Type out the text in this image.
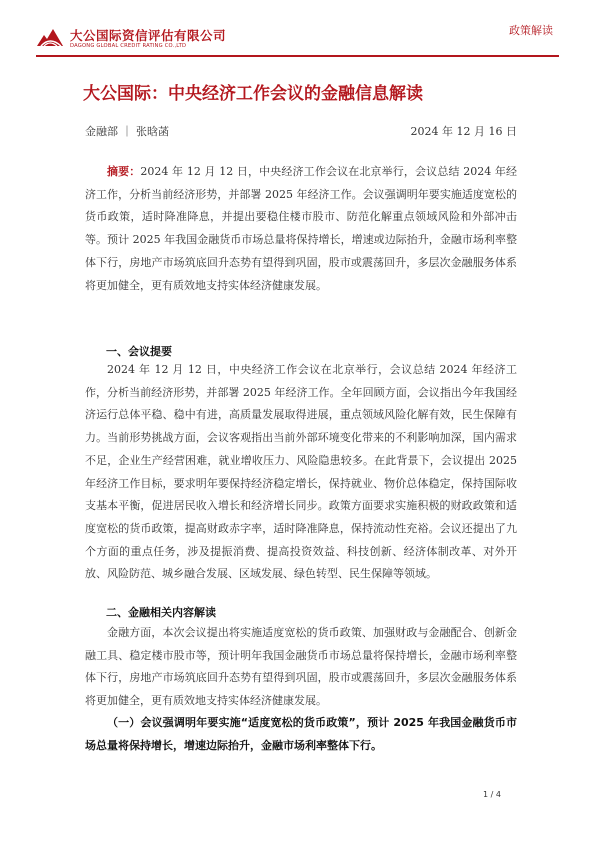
大公国际资信评估有限公司
DAGONG GLOBAL CREDIT RATING CO.,LTD
政策解读
大公国际：中央经济工作会议的金融信息解读
金融部 ｜ 张晗菡	2024 年 12 月 16 日

摘要：2024 年 12 月 12 日，中央经济工作会议在北京举行，会议总结 2024 年经济工作，分析当前经济形势，并部署 2025 年经济工作。会议强调明年要实施适度宽松的货币政策，适时降准降息，并提出要稳住楼市股市、防范化解重点领域风险和外部冲击等。预计 2025 年我国金融货币市场总量将保持增长，增速或边际抬升，金融市场利率整体下行，房地产市场筑底回升态势有望得到巩固，股市或震荡回升，多层次金融服务体系将更加健全，更有质效地支持实体经济健康发展。

一、会议提要

2024 年 12 月 12 日，中央经济工作会议在北京举行，会议总结 2024 年经济工作，分析当前经济形势，并部署 2025 年经济工作。全年回顾方面，会议指出今年我国经济运行总体平稳、稳中有进，高质量发展取得进展，重点领域风险化解有效，民生保障有力。当前形势挑战方面，会议客观指出当前外部环境变化带来的不利影响加深，国内需求不足，企业生产经营困难，就业增收压力、风险隐患较多。在此背景下，会议提出 2025 年经济工作目标，要求明年要保持经济稳定增长，保持就业、物价总体稳定，保持国际收支基本平衡，促进居民收入增长和经济增长同步。政策方面要求实施积极的财政政策和适度宽松的货币政策，提高财政赤字率，适时降准降息，保持流动性充裕。会议还提出了九个方面的重点任务，涉及提振消费、提高投资效益、科技创新、经济体制改革、对外开放、风险防范、城乡融合发展、区域发展、绿色转型、民生保障等领域。

二、金融相关内容解读

金融方面，本次会议提出将实施适度宽松的货币政策、加强财政与金融配合、创新金融工具、稳定楼市股市等，预计明年我国金融货币市场总量将保持增长，金融市场利率整体下行，房地产市场筑底回升态势有望得到巩固，股市或震荡回升，多层次金融服务体系将更加健全，更有质效地支持实体经济健康发展。

（一）会议强调明年要实施“适度宽松的货币政策”，预计 2025 年我国金融货币市场总量将保持增长，增速边际抬升，金融市场利率整体下行。

1 / 4
